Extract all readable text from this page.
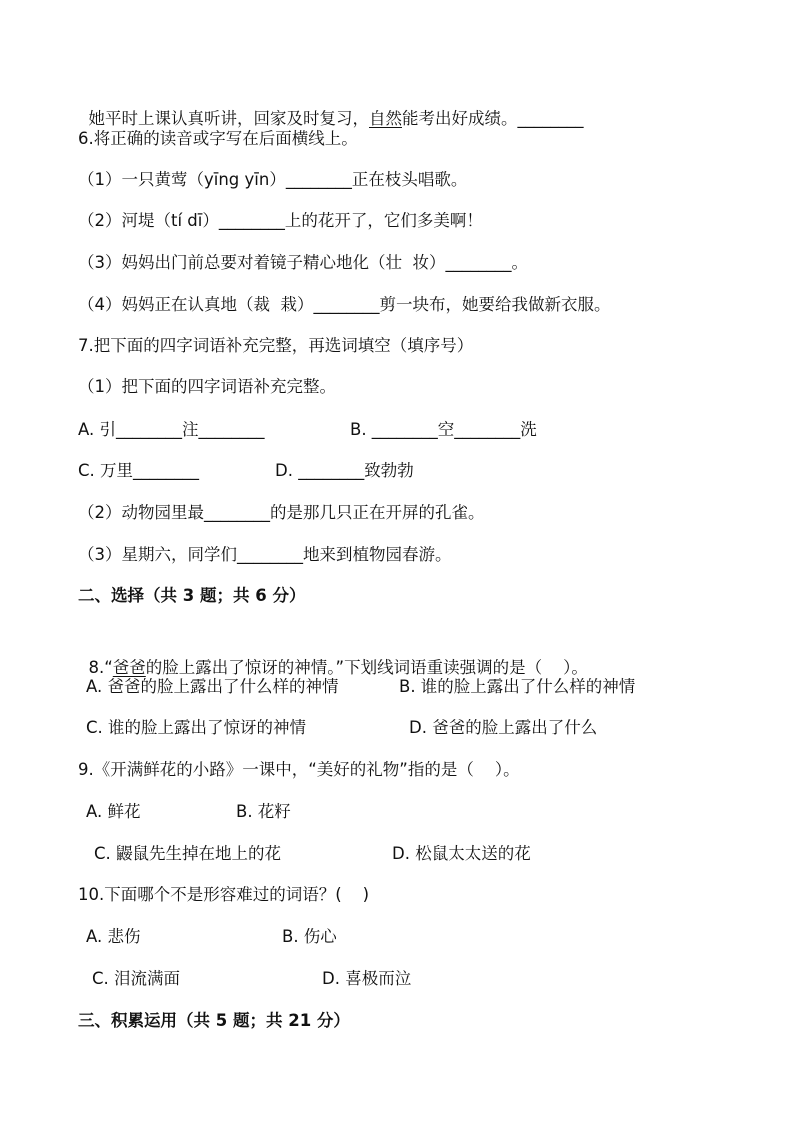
她平时上课认真听讲，回家及时复习，自然能考出好成绩。________

6.将正确的读音或字写在后面横线上。
（1）一只黄莺（yīng yīn）________正在枝头唱歌。
（2）河堤（tí dī）________上的花开了，它们多美啊！
（3）妈妈出门前总要对着镜子精心地化（壮  妆）________。
（4）妈妈正在认真地（裁  栽）________剪一块布，她要给我做新衣服。
7.把下面的四字词语补充完整，再选词填空（填序号）
（1）把下面的四字词语补充完整。
A. 引________注________	B. ________空________洗
C. 万里________	D. ________致勃勃
（2）动物园里最________的是那几只正在开屏的孔雀。
（3）星期六，同学们________地来到植物园春游。
二、选择（共 3 题；共 6 分）

8.“爸爸的脸上露出了惊讶的神情。”下划线词语重读强调的是（    ）。

A. 爸爸的脸上露出了什么样的神情	B. 谁的脸上露出了什么样的神情
C. 谁的脸上露出了惊讶的神情	D. 爸爸的脸上露出了什么
9.《开满鲜花的小路》一课中，“美好的礼物”指的是（    ）。
A. 鲜花	B. 花籽
C. 鼹鼠先生掉在地上的花	D. 松鼠太太送的花
10.下面哪个不是形容难过的词语？(    )
A. 悲伤	B. 伤心
C. 泪流满面	D. 喜极而泣
三、积累运用（共 5 题；共 21 分）
